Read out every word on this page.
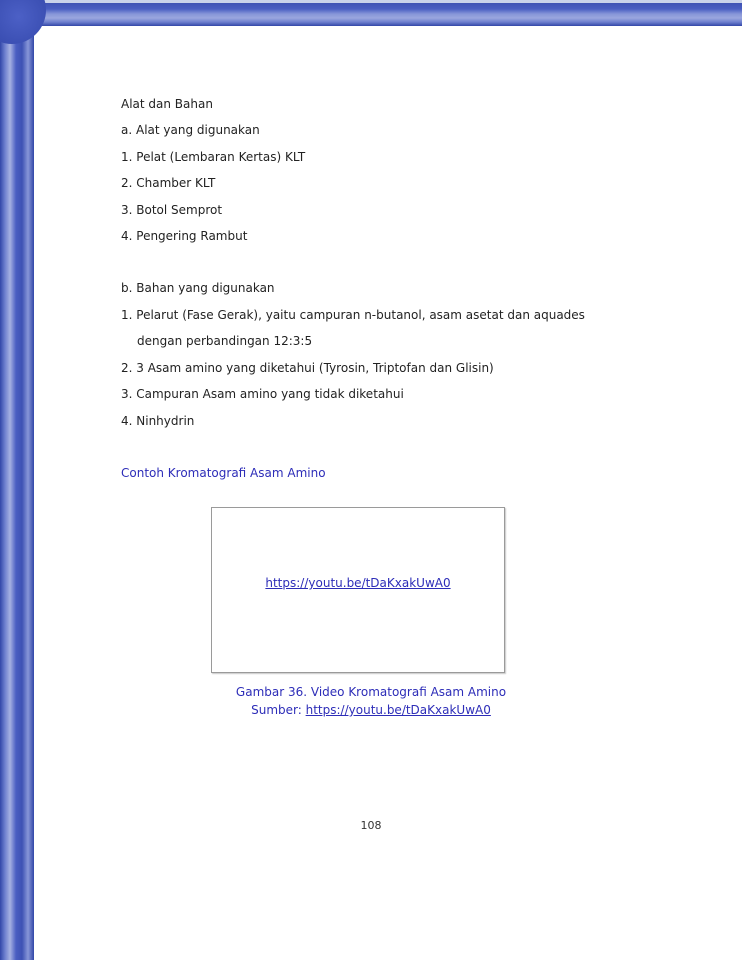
Alat dan Bahan
a. Alat yang digunakan
1. Pelat (Lembaran Kertas) KLT
2. Chamber KLT
3. Botol Semprot
4. Pengering Rambut
b. Bahan yang digunakan
1. Pelarut (Fase Gerak), yaitu campuran n-butanol, asam asetat dan aquades
dengan perbandingan 12:3:5
2. 3 Asam amino yang diketahui (Tyrosin, Triptofan dan Glisin)
3. Campuran Asam amino yang tidak diketahui
4. Ninhydrin
Contoh Kromatografi Asam Amino
https://youtu.be/tDaKxakUwA0
Gambar 36. Video Kromatografi Asam Amino
Sumber: https://youtu.be/tDaKxakUwA0
108
